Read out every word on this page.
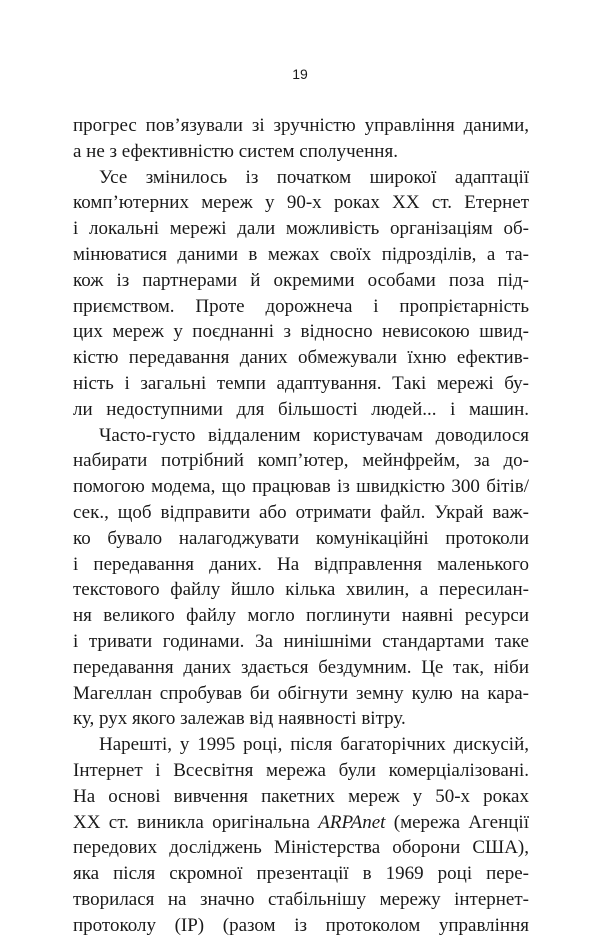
19
прогрес пов’язували зі зручністю управління даними,
а не з ефективністю систем сполучення.
Усе змінилось із початком широкої адаптації
комп’ютерних мереж у 90-х роках XX ст. Етернет
і локальні мережі дали можливість організаціям об-
мінюватися даними в межах своїх підрозділів, а та-
кож із партнерами й окремими особами поза під-
приємством. Проте дорожнеча і пропрієтарність
цих мереж у поєднанні з відносно невисокою швид-
кістю передавання даних обмежували їхню ефектив-
ність і загальні темпи адаптування. Такі мережі бу-
ли недоступними для більшості людей... і машин.
Часто-густо віддаленим користувачам доводилося
набирати потрібний комп’ютер, мейнфрейм, за до-
помогою модема, що працював із швидкістю 300 бітів/
сек., щоб відправити або отримати файл. Украй важ-
ко бувало налагоджувати комунікаційні протоколи
і передавання даних. На відправлення маленького
текстового файлу йшло кілька хвилин, а пересилан-
ня великого файлу могло поглинути наявні ресурси
і тривати годинами. За нинішніми стандартами таке
передавання даних здається бездумним. Це так, ніби
Магеллан спробував би обігнути земну кулю на кара-
ку, рух якого залежав від наявності вітру.
Нарешті, у 1995 році, після багаторічних дискусій,
Інтернет і Всесвітня мережа були комерціалізовані.
На основі вивчення пакетних мереж у 50-х роках
XX ст. виникла оригінальна ARPAnet (мережа Агенції
передових досліджень Міністерства оборони США),
яка після скромної презентації в 1969 році пере-
творилася на значно стабільнішу мережу інтернет-
протоколу (IP) (разом із протоколом управління
